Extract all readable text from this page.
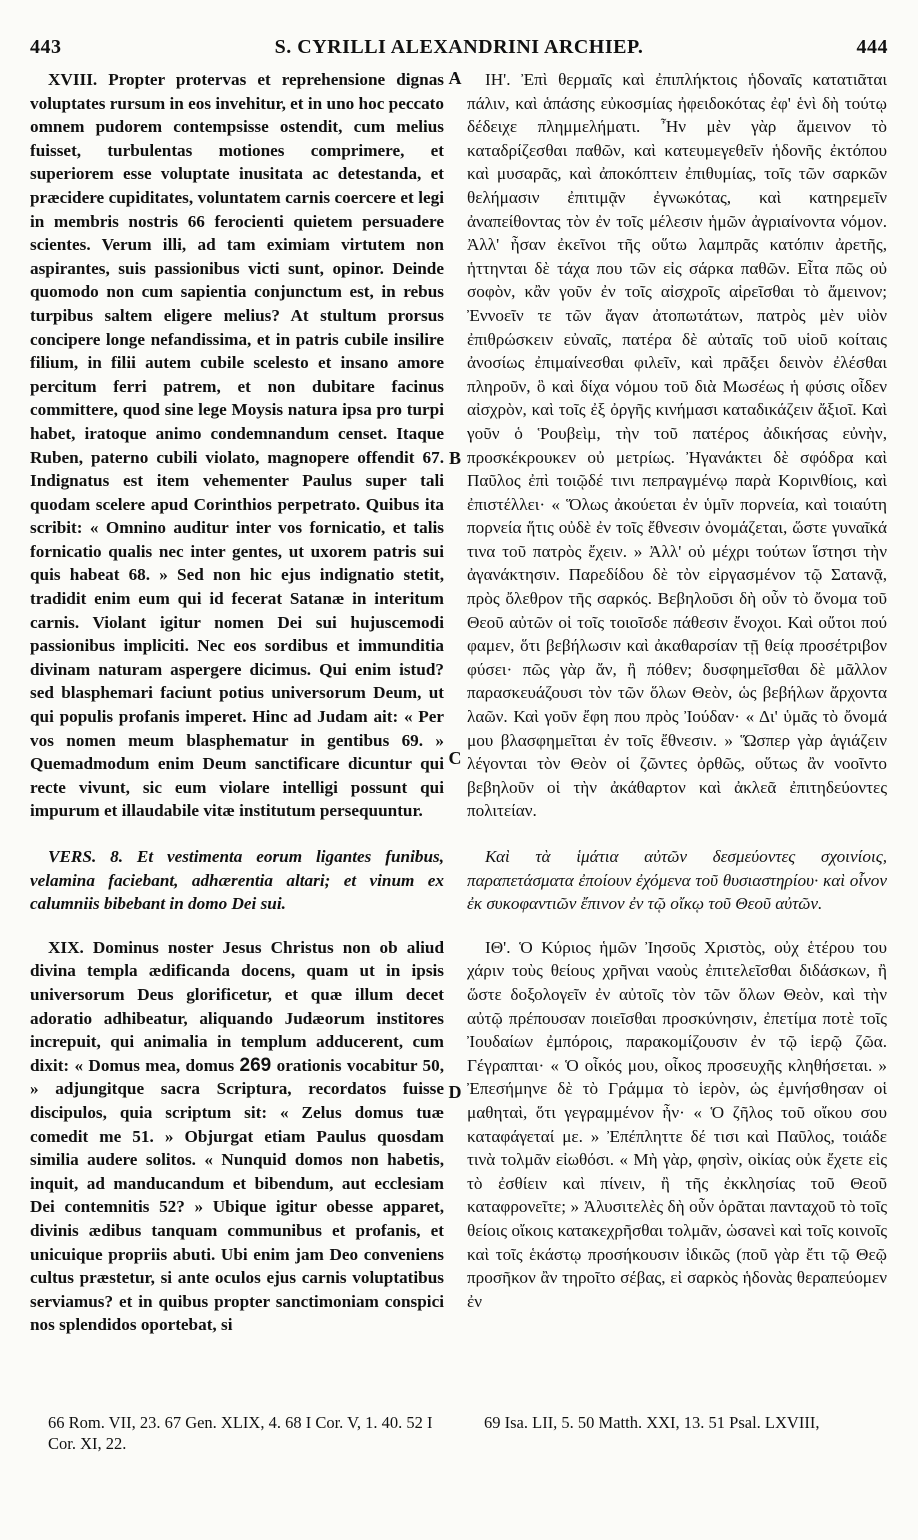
443	S. CYRILLI ALEXANDRINI ARCHIEP.	444

XVIII. Propter protervas et reprehensione dignas voluptates rursum in eos invehitur, et in uno hoc peccato omnem pudorem contempsisse ostendit, cum melius fuisset, turbulentas motiones comprimere, et superiorem esse voluptate inusitata ac detestanda, et præcidere cupiditates, voluntatem carnis coercere et legi in membris nostris 66 ferocienti quietem persuadere scientes. Verum illi, ad tam eximiam virtutem non aspirantes, suis passionibus victi sunt, opinor. Deinde quomodo non cum sapientia conjunctum est, in rebus turpibus saltem eligere melius? At stultum prorsus concipere longe nefandissima, et in patris cubile insilire filium, in filii autem cubile scelesto et insano amore percitum ferri patrem, et non dubitare facinus committere, quod sine lege Moysis natura ipsa pro turpi habet, iratoque animo condemnandum censet. Itaque Ruben, paterno cubili violato, magnopere offendit 67. Indignatus est item vehementer Paulus super tali quodam scelere apud Corinthios perpetrato. Quibus ita scribit: « Omnino auditur inter vos fornicatio, et talis fornicatio qualis nec inter gentes, ut uxorem patris sui quis habeat 68. » Sed non hic ejus indignatio stetit, tradidit enim eum qui id fecerat Satanæ in interitum carnis. Violant igitur nomen Dei sui hujuscemodi passionibus impliciti. Nec eos sordibus et immunditia divinam naturam aspergere dicimus. Qui enim istud? sed blasphemari faciunt potius universorum Deum, ut qui populis profanis imperet. Hinc ad Judam ait: « Per vos nomen meum blasphematur in gentibus 69. » Quemadmodum enim Deum sanctificare dicuntur qui recte vivunt, sic eum violare intelligi possunt qui impurum et illaudabile vitæ institutum persequuntur.

VERS. 8. Et vestimenta eorum ligantes funibus, velamina faciebant, adhærentia altari; et vinum ex calumniis bibebant in domo Dei sui.

XIX. Dominus noster Jesus Christus non ob aliud divina templa ædificanda docens, quam ut in ipsis universorum Deus glorificetur, et quæ illum decet adoratio adhibeatur, aliquando Judæorum institores increpuit, qui animalia in templum adducerent, cum dixit: « Domus mea, domus 269 orationis vocabitur 50, » adjungitque sacra Scriptura, recordatos fuisse discipulos, quia scriptum sit: « Zelus domus tuæ comedit me 51. » Objurgat etiam Paulus quosdam similia audere solitos. « Nunquid domos non habetis, inquit, ad manducandum et bibendum, aut ecclesiam Dei contemnitis 52? » Ubique igitur obesse apparet, divinis ædibus tanquam communibus et profanis, et unicuique propriis abuti. Ubi enim jam Deo conveniens cultus præstetur, si ante oculos ejus carnis voluptatibus serviamus? et in quibus propter sanctimoniam conspici nos splendidos oportebat, si

A
B
C
D

ΙΗ'. Ἐπὶ θερμαῖς καὶ ἐπιπλήκτοις ἡδοναῖς κατατιᾶται πάλιν, καὶ ἁπάσης εὐκοσμίας ἠφειδοκότας ἐφ' ἑνὶ δὴ τούτῳ δέδειχε πλημμελήματι. Ἦν μὲν γὰρ ἄμεινον τὸ καταδρίζεσθαι παθῶν, καὶ κατευμεγεθεῖν ἡδονῆς ἐκτόπου καὶ μυσαρᾶς, καὶ ἀποκόπτειν ἐπιθυμίας, τοῖς τῶν σαρκῶν θελήμασιν ἐπιτιμᾷν ἐγνωκότας, καὶ κατηρεμεῖν ἀναπείθοντας τὸν ἐν τοῖς μέλεσιν ἡμῶν ἀγριαίνοντα νόμον. Ἀλλ' ἦσαν ἐκεῖνοι τῆς οὕτω λαμπρᾶς κατόπιν ἀρετῆς, ἡττηνται δὲ τάχα που τῶν εἰς σάρκα παθῶν. Εἶτα πῶς οὐ σοφὸν, κἂν γοῦν ἐν τοῖς αἰσχροῖς αἱρεῖσθαι τὸ ἄμεινον; Ἐννοεῖν τε τῶν ἄγαν ἀτοπωτάτων, πατρὸς μὲν υἱὸν ἐπιθρώσκειν εὐναῖς, πατέρα δὲ αὐταῖς τοῦ υἱοῦ κοίταις ἀνοσίως ἐπιμαίνεσθαι φιλεῖν, καὶ πρᾶξει δεινὸν ἐλέσθαι πληροῦν, ὃ καὶ δίχα νόμου τοῦ διὰ Μωσέως ἡ φύσις οἶδεν αἰσχρὸν, καὶ τοῖς ἐξ ὀργῆς κινήμασι καταδικάζειν ἄξιοῖ. Καὶ γοῦν ὁ Ῥουβεὶμ, τὴν τοῦ πατέρος ἀδικήσας εὐνὴν, προσκέκρουκεν οὐ μετρίως. Ἠγανάκτει δὲ σφόδρα καὶ Παῦλος ἐπὶ τοιῷδέ τινι πεπραγμένῳ παρὰ Κορινθίοις, καὶ ἐπιστέλλει· « Ὅλως ἀκούεται ἐν ὑμῖν πορνεία, καὶ τοιαύτη πορνεία ἥτις οὐδὲ ἐν τοῖς ἔθνεσιν ὀνομάζεται, ὥστε γυναῖκά τινα τοῦ πατρὸς ἔχειν. » Ἀλλ' οὐ μέχρι τούτων ἵστησι τὴν ἀγανάκτησιν. Παρεδίδου δὲ τὸν εἰργασμένον τῷ Σατανᾷ, πρὸς ὄλεθρον τῆς σαρκός. Βεβηλοῦσι δὴ οὖν τὸ ὄνομα τοῦ Θεοῦ αὐτῶν οἱ τοῖς τοιοῖσδε πάθεσιν ἔνοχοι. Καὶ οὔτοι πού φαμεν, ὅτι βεβήλωσιν καὶ ἀκαθαρσίαν τῇ θείᾳ προσέτριβον φύσει· πῶς γὰρ ἄν, ἢ πόθεν; δυσφημεῖσθαι δὲ μᾶλλον παρασκευάζουσι τὸν τῶν ὅλων Θεὸν, ὡς βεβήλων ἄρχοντα λαῶν. Καὶ γοῦν ἔφη που πρὸς Ἰούδαν· « Δι' ὑμᾶς τὸ ὄνομά μου βλασφημεῖται ἐν τοῖς ἔθνεσιν. » Ὥσπερ γὰρ ἁγιάζειν λέγονται τὸν Θεὸν οἱ ζῶντες ὀρθῶς, οὕτως ἂν νοοῖντο βεβηλοῦν οἱ τὴν ἀκάθαρτον καὶ ἀκλεᾶ ἐπιτηδεύοντες πολιτείαν.

Καὶ τὰ ἱμάτια αὐτῶν δεσμεύοντες σχοινίοις, παραπετάσματα ἐποίουν ἐχόμενα τοῦ θυσιαστηρίου· καὶ οἶνον ἐκ συκοφαντιῶν ἔπινον ἐν τῷ οἴκῳ τοῦ Θεοῦ αὐτῶν.

ΙΘ'. Ὁ Κύριος ἡμῶν Ἰησοῦς Χριστὸς, οὐχ ἑτέρου του χάριν τοὺς θείους χρῆναι ναοὺς ἐπιτελεῖσθαι διδάσκων, ἢ ὥστε δοξολογεῖν ἐν αὐτοῖς τὸν τῶν ὅλων Θεὸν, καὶ τὴν αὐτῷ πρέπουσαν ποιεῖσθαι προσκύνησιν, ἐπετίμα ποτὲ τοῖς Ἰουδαίων ἐμπόροις, παρακομίζουσιν ἐν τῷ ἱερῷ ζῶα. Γέγραπται· « Ὁ οἶκός μου, οἶκος προσευχῆς κληθήσεται. » Ἐπεσήμηνε δὲ τὸ Γράμμα τὸ ἱερὸν, ὡς ἐμνήσθησαν οἱ μαθηταὶ, ὅτι γεγραμμένον ἦν· « Ὁ ζῆλος τοῦ οἴκου σου καταφάγεταί με. » Ἐπέπληττε δέ τισι καὶ Παῦλος, τοιάδε τινὰ τολμᾶν εἰωθόσι. « Μὴ γὰρ, φησὶν, οἰκίας οὐκ ἔχετε εἰς τὸ ἐσθίειν καὶ πίνειν, ἢ τῆς ἐκκλησίας τοῦ Θεοῦ καταφρονεῖτε; » Ἀλυσιτελὲς δὴ οὖν ὁρᾶται πανταχοῦ τὸ τοῖς θείοις οἴκοις κατακεχρῆσθαι τολμᾶν, ὡσανεὶ καὶ τοῖς κοινοῖς καὶ τοῖς ἑκάστῳ προσήκουσιν ἰδικῶς (ποῦ γὰρ ἔτι τῷ Θεῷ προσῆκον ἂν τηροῖτο σέβας, εἰ σαρκὸς ἡδονὰς θεραπεύομεν ἐν

66 Rom. VII, 23. 67 Gen. XLIX, 4. 68 I Cor. V, 1. 40. 52 I Cor. XI, 22.
69 Isa. LII, 5. 50 Matth. XXI, 13. 51 Psal. LXVIII,
